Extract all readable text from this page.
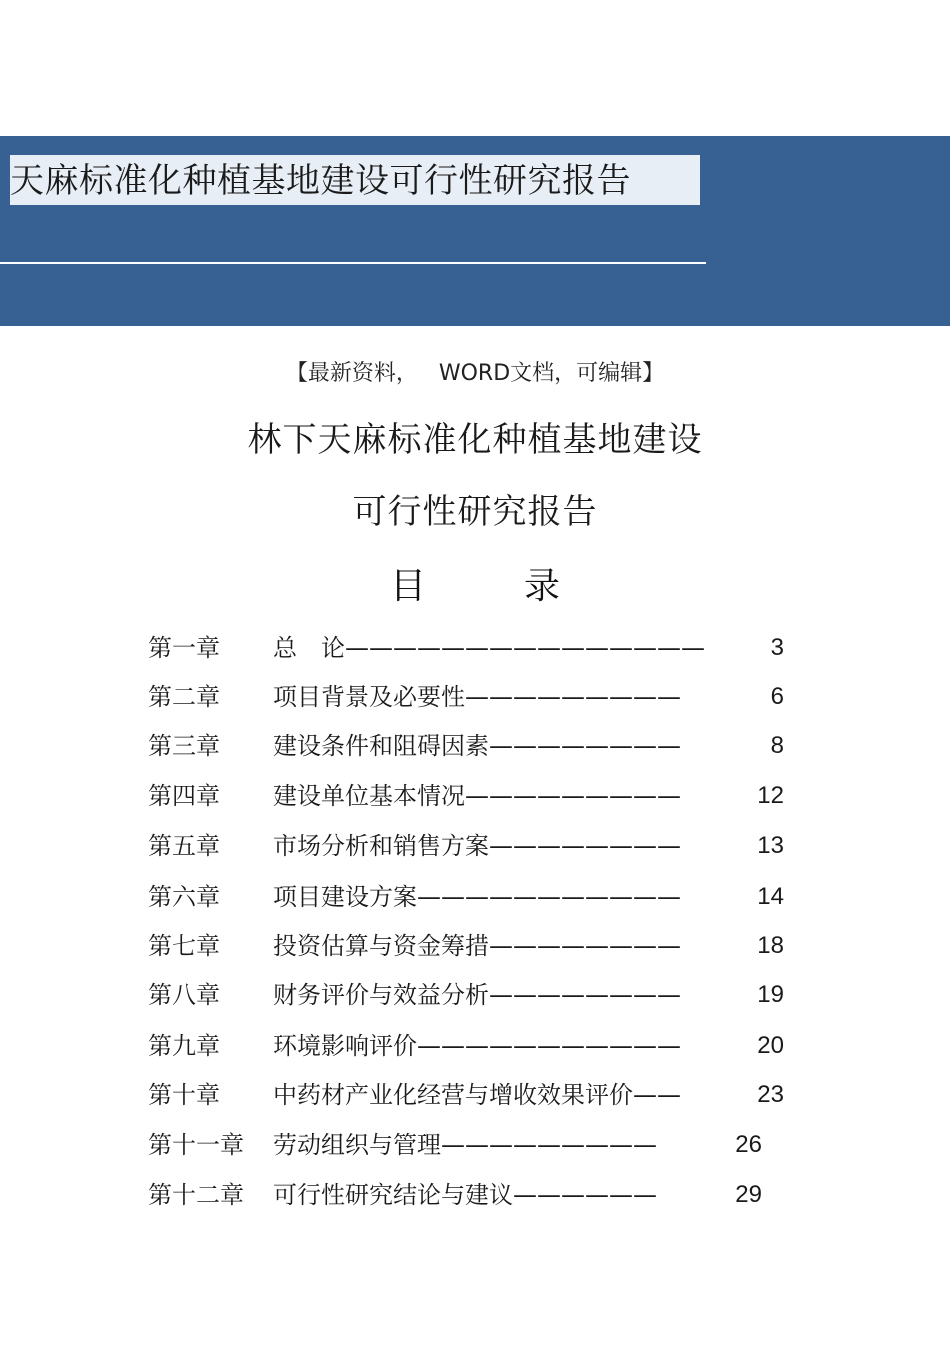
天麻标准化种植基地建设可行性研究报告
【最新资料，   WORD文档，可编辑】
林下天麻标准化种植基地建设
可行性研究报告
目	录
第一章 总　论———————————————	3
第二章 项目背景及必要性—————————	6
第三章 建设条件和阻碍因素————————	8
第四章 建设单位基本情况—————————	12
第五章 市场分析和销售方案————————	13
第六章 项目建设方案———————————	14
第七章 投资估算与资金筹措————————	18
第八章 财务评价与效益分析————————	19
第九章 环境影响评价———————————	20
第十章 中药材产业化经营与增收效果评价——	23
第十一章 劳动组织与管理—————————	26
第十二章 可行性研究结论与建议——————	29
